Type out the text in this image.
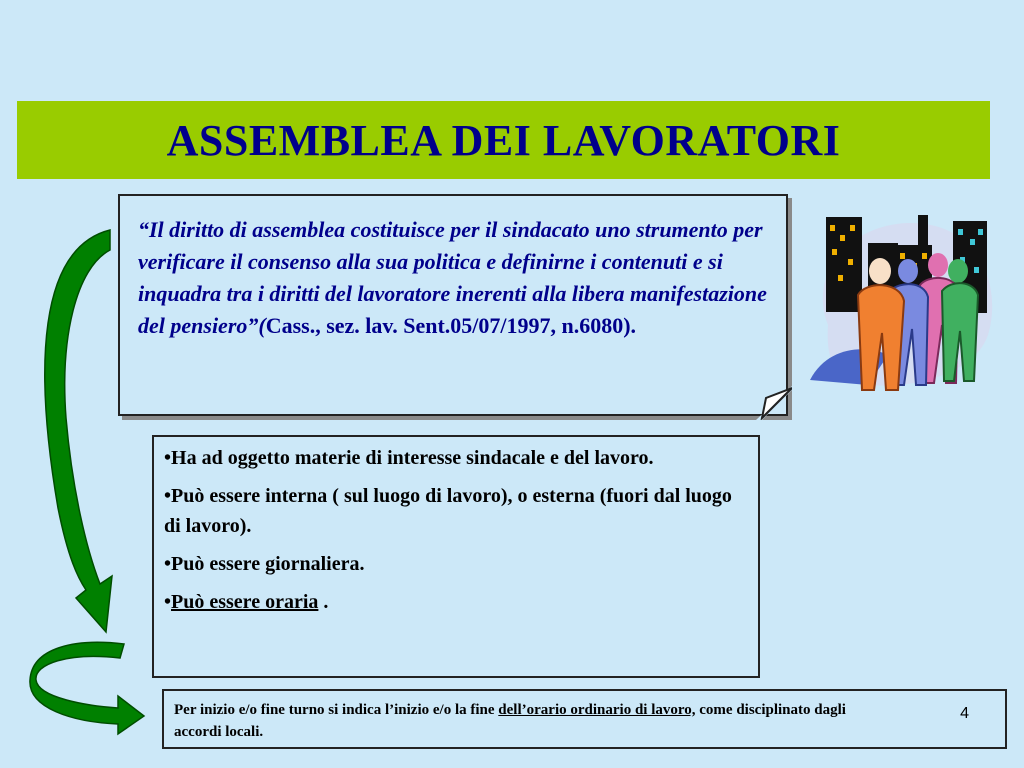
ASSEMBLEA DEI LAVORATORI
“Il diritto di assemblea costituisce per il sindacato uno strumento per verificare il consenso alla sua politica e definirne i contenuti e si inquadra tra i diritti del lavoratore inerenti alla libera manifestazione del pensiero”(Cass., sez. lav. Sent.05/07/1997, n.6080).

•Ha ad oggetto materie di interesse sindacale e del lavoro.

•Può essere interna ( sul luogo di lavoro), o esterna (fuori dal luogo di lavoro).

•Può essere giornaliera.

•Può essere oraria .

Per inizio e/o fine turno si indica l’inizio e/o la fine dell’orario ordinario di lavoro, come disciplinato dagli accordi locali.
4
